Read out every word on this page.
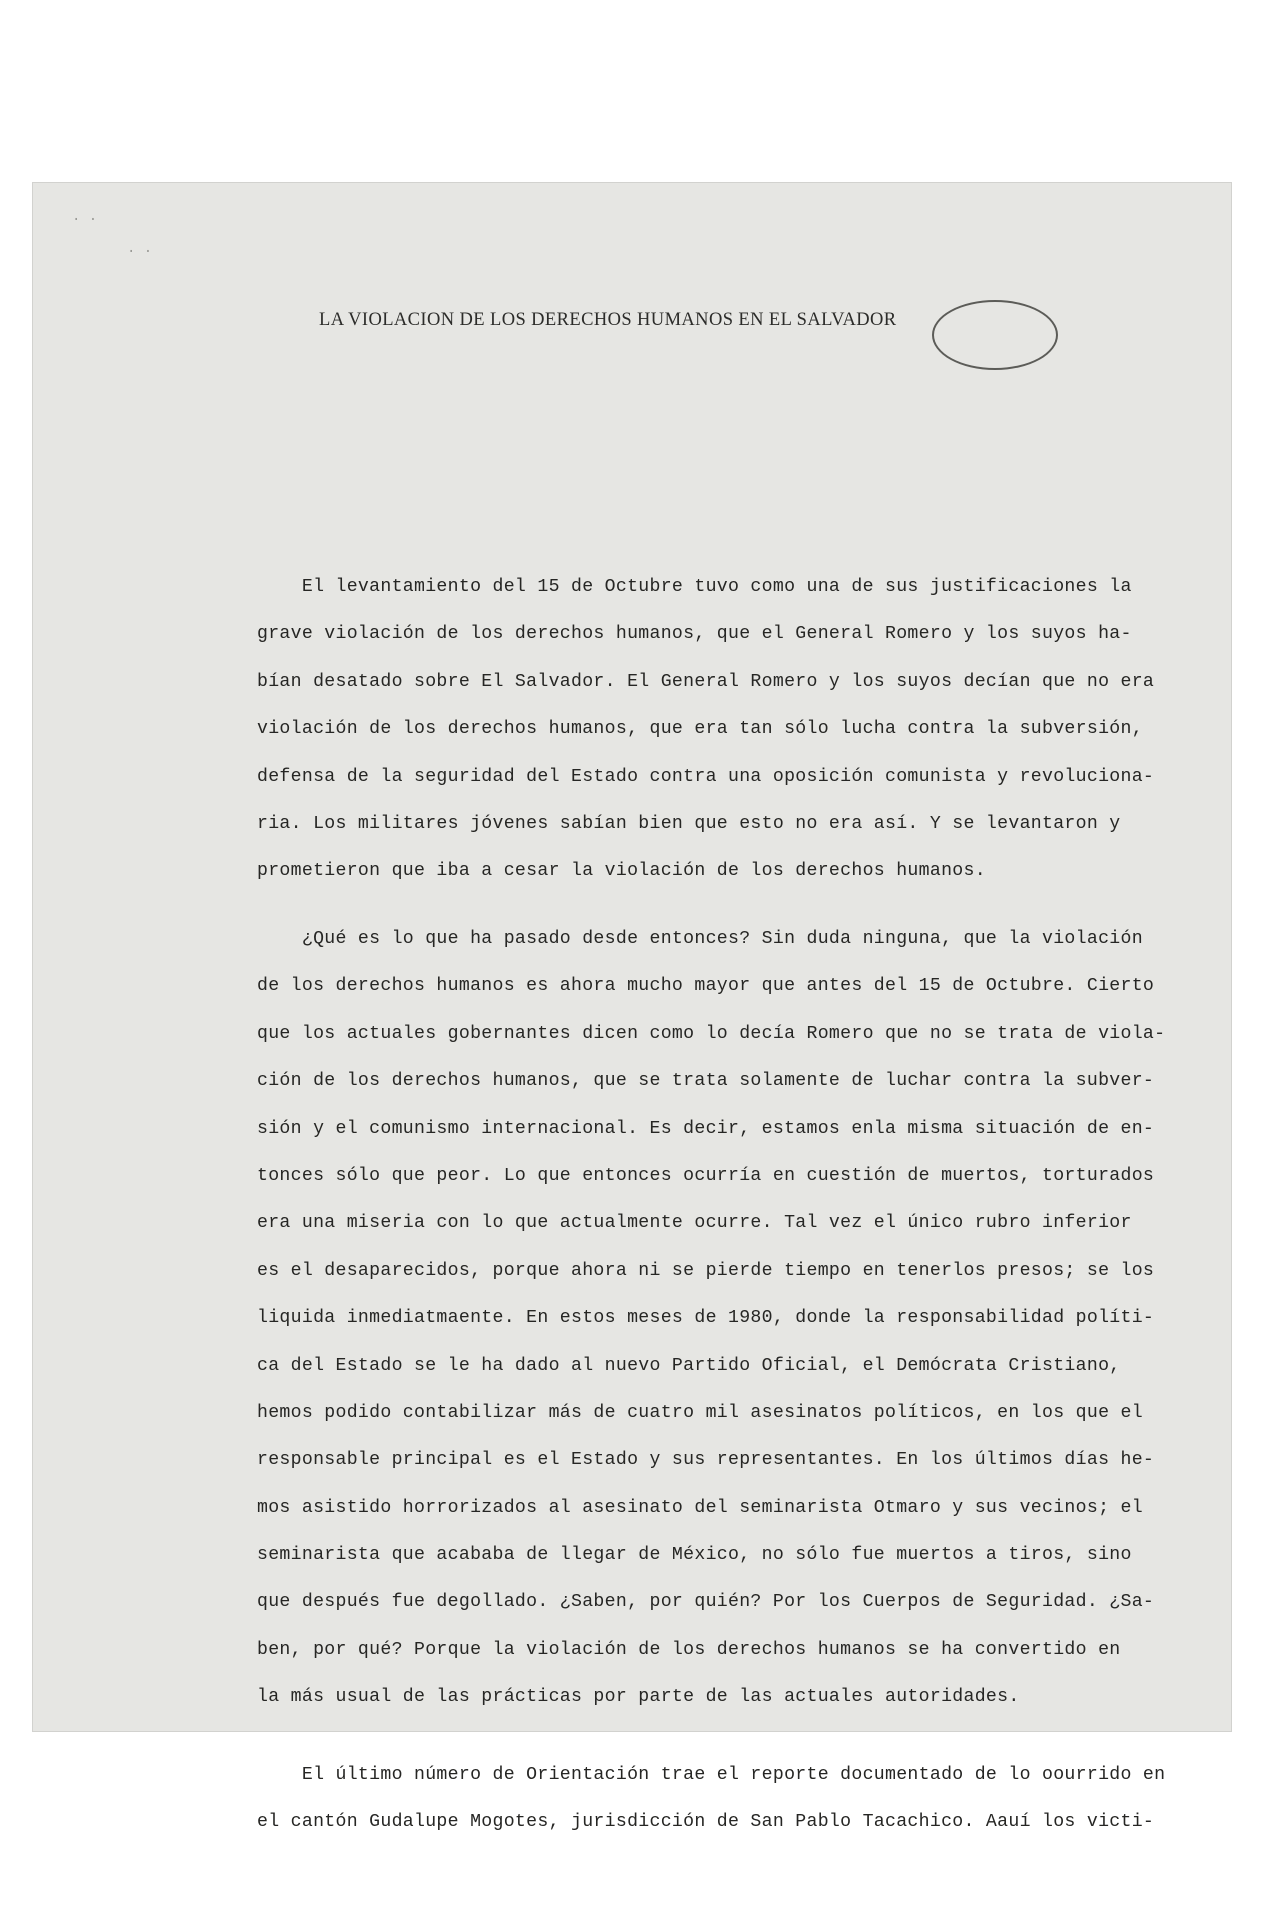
· ·
· ·
LA VIOLACION DE LOS DERECHOS HUMANOS EN EL SALVADOR
El levantamiento del 15 de Octubre tuvo como una de sus justificaciones la
grave violación de los derechos humanos, que el General Romero y los suyos ha-
bían desatado sobre El Salvador. El General Romero y los suyos decían que no era
violación de los derechos humanos, que era tan sólo lucha contra la subversión,
defensa de la seguridad del Estado contra una oposición comunista y revoluciona-
ria. Los militares jóvenes sabían bien que esto no era así. Y se levantaron y
prometieron que iba a cesar la violación de los derechos humanos.
¿Qué es lo que ha pasado desde entonces? Sin duda ninguna, que la violación
de los derechos humanos es ahora mucho mayor que antes del 15 de Octubre. Cierto
que los actuales gobernantes dicen como lo decía Romero que no se trata de viola-
ción de los derechos humanos, que se trata solamente de luchar contra la subver-
sión y el comunismo internacional. Es decir, estamos enla misma situación de en-
tonces sólo que peor. Lo que entonces ocurría en cuestión de muertos, torturados
era una miseria con lo que actualmente ocurre. Tal vez el único rubro inferior
es el desaparecidos, porque ahora ni se pierde tiempo en tenerlos presos; se los
liquida inmediatmaente. En estos meses de 1980, donde la responsabilidad políti-
ca del Estado se le ha dado al nuevo Partido Oficial, el Demócrata Cristiano,
hemos podido contabilizar más de cuatro mil asesinatos políticos, en los que el
responsable principal es el Estado y sus representantes. En los últimos días he-
mos asistido horrorizados al asesinato del seminarista Otmaro y sus vecinos; el
seminarista que acababa de llegar de México, no sólo fue muertos a tiros, sino
que después fue degollado. ¿Saben, por quién? Por los Cuerpos de Seguridad. ¿Sa-
ben, por qué? Porque la violación de los derechos humanos se ha convertido en
la más usual de las prácticas por parte de las actuales autoridades.
El último número de Orientación trae el reporte documentado de lo oourrido en
el cantón Gudalupe Mogotes, jurisdicción de San Pablo Tacachico. Aauí los victi-
